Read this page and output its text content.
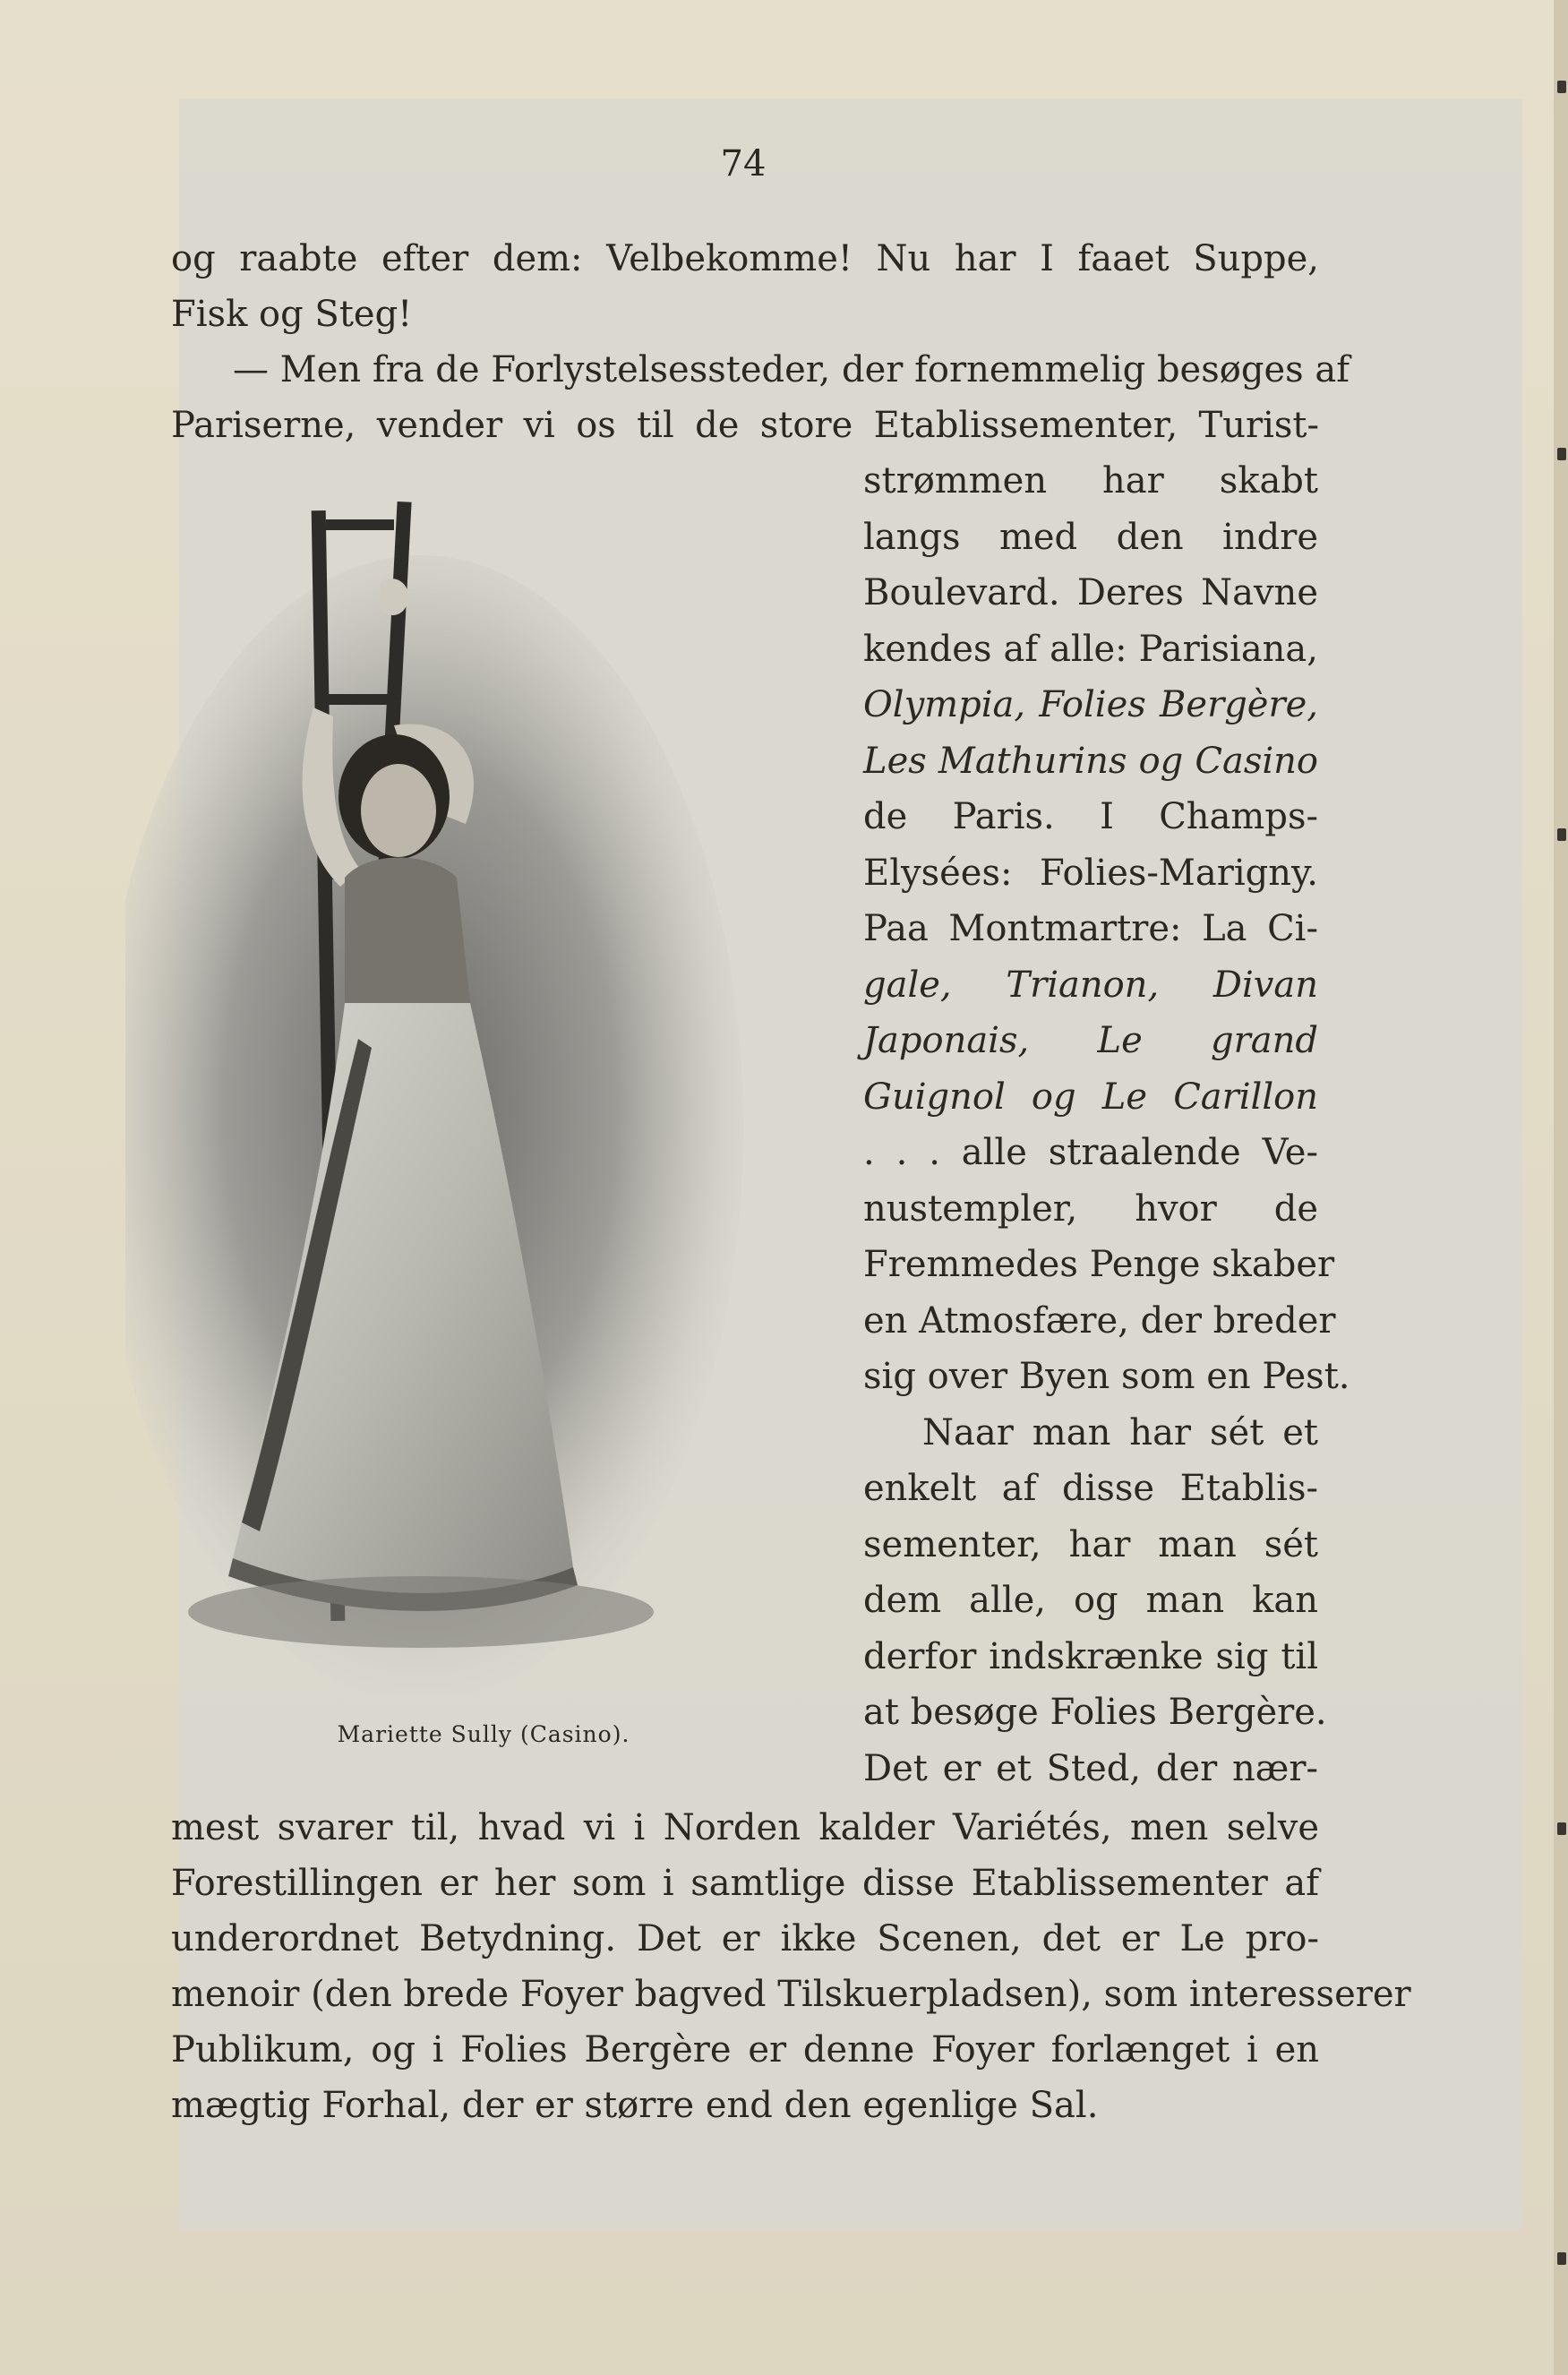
74
og raabte efter dem: Velbekomme! Nu har I faaet Suppe,
Fisk og Steg!
— Men fra de Forlystelsessteder, der fornemmelig besøges af
Pariserne, vender vi os til de store Etablissementer, Turist-
Mariette Sully (Casino).
strømmen har skabt
langs med den indre
Boulevard. Deres Navne
kendes af alle: Parisiana,
Olympia, Folies Bergère,
Les Mathurins og Casino
de Paris. I Champs-
Elysées: Folies-Marigny.
Paa Montmartre: La Ci-
gale, Trianon, Divan
Japonais, Le grand
Guignol og Le Carillon
. . . alle straalende Ve-
nustempler, hvor de
Fremmedes Penge skaber
en Atmosfære, der breder
sig over Byen som en Pest.
Naar man har sét et
enkelt af disse Etablis-
sementer, har man sét
dem alle, og man kan
derfor indskrænke sig til
at besøge Folies Bergère.
Det er et Sted, der nær-
mest svarer til, hvad vi i Norden kalder Variétés, men selve
Forestillingen er her som i samtlige disse Etablissementer af
underordnet Betydning. Det er ikke Scenen, det er Le pro-
menoir (den brede Foyer bagved Tilskuerpladsen), som interesserer
Publikum, og i Folies Bergère er denne Foyer forlænget i en
mægtig Forhal, der er større end den egenlige Sal.
